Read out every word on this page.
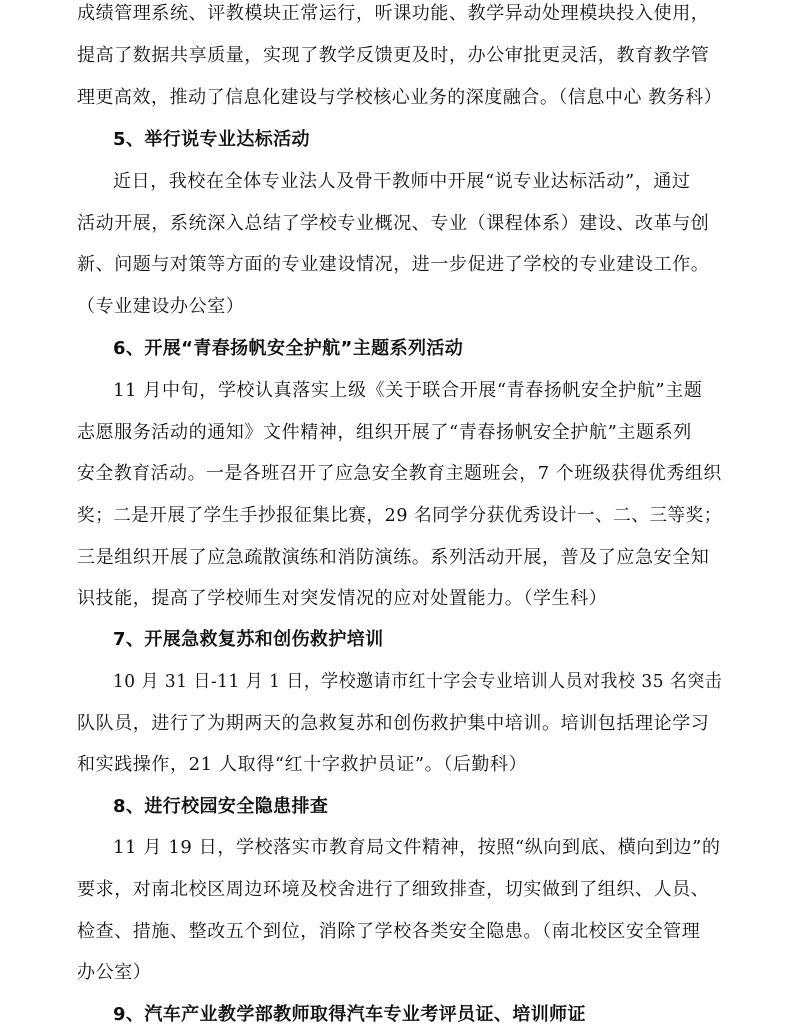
成绩管理系统、评教模块正常运行，听课功能、教学异动处理模块投入使用，
提高了数据共享质量，实现了教学反馈更及时，办公审批更灵活，教育教学管
理更高效，推动了信息化建设与学校核心业务的深度融合。（信息中心 教务科）
5、举行说专业达标活动
近日，我校在全体专业法人及骨干教师中开展“说专业达标活动”，通过
活动开展，系统深入总结了学校专业概况、专业（课程体系）建设、改革与创
新、问题与对策等方面的专业建设情况，进一步促进了学校的专业建设工作。
（专业建设办公室）
6、开展“青春扬帆安全护航”主题系列活动
11 月中旬，学校认真落实上级《关于联合开展“青春扬帆安全护航”主题
志愿服务活动的通知》文件精神，组织开展了“青春扬帆安全护航”主题系列
安全教育活动。一是各班召开了应急安全教育主题班会，7 个班级获得优秀组织
奖；二是开展了学生手抄报征集比赛，29 名同学分获优秀设计一、二、三等奖；
三是组织开展了应急疏散演练和消防演练。系列活动开展，普及了应急安全知
识技能，提高了学校师生对突发情况的应对处置能力。（学生科）
7、开展急救复苏和创伤救护培训
10 月 31 日-11 月 1 日，学校邀请市红十字会专业培训人员对我校 35 名突击
队队员，进行了为期两天的急救复苏和创伤救护集中培训。培训包括理论学习
和实践操作，21 人取得“红十字救护员证”。（后勤科）
8、进行校园安全隐患排查
11 月 19 日，学校落实市教育局文件精神，按照“纵向到底、横向到边”的
要求，对南北校区周边环境及校舍进行了细致排查，切实做到了组织、人员、
检查、措施、整改五个到位，消除了学校各类安全隐患。（南北校区安全管理
办公室）
9、汽车产业教学部教师取得汽车专业考评员证、培训师证
